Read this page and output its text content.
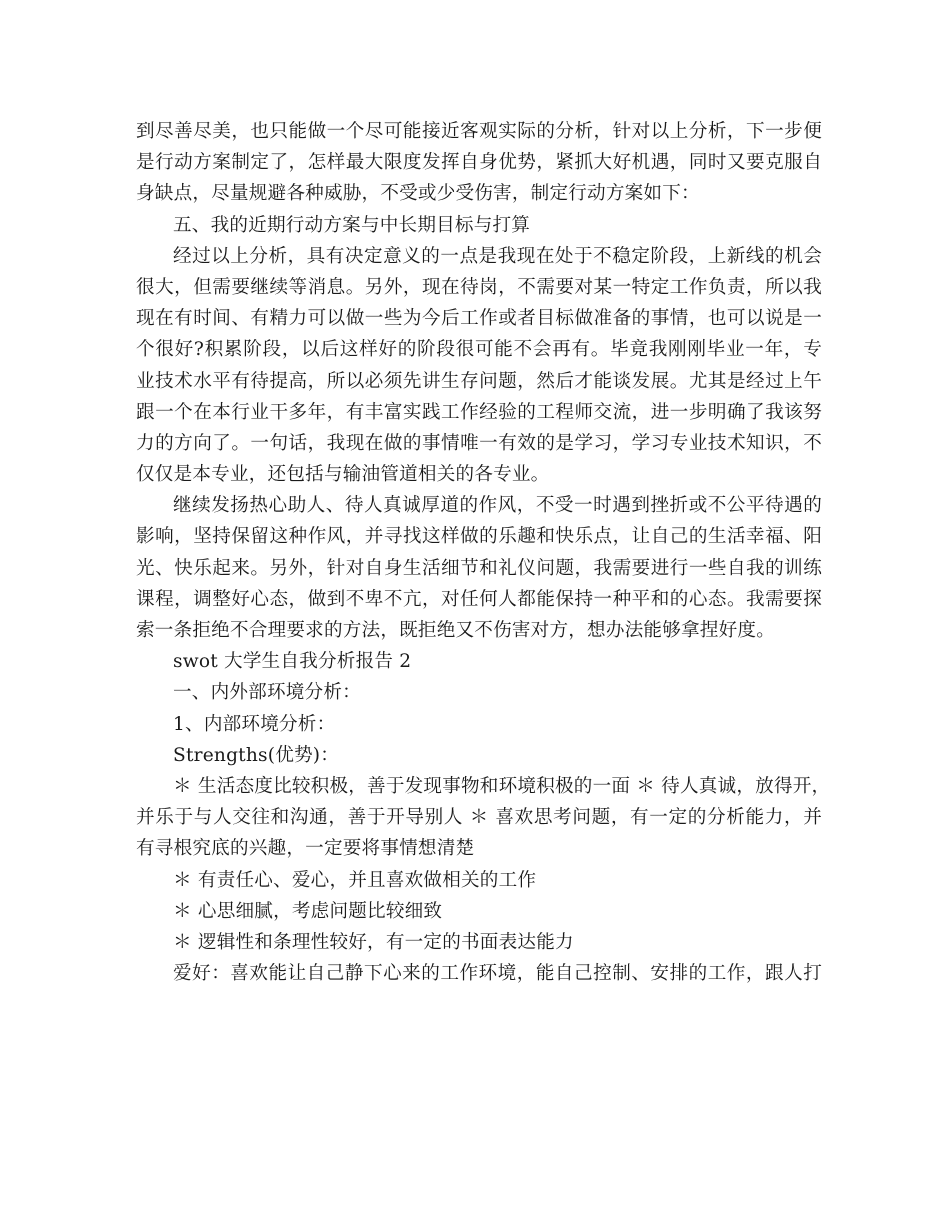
到尽善尽美，也只能做一个尽可能接近客观实际的分析，针对以上分析，下一步便
是行动方案制定了，怎样最大限度发挥自身优势，紧抓大好机遇，同时又要克服自
身缺点，尽量规避各种威胁，不受或少受伤害，制定行动方案如下：
五、我的近期行动方案与中长期目标与打算
经过以上分析，具有决定意义的一点是我现在处于不稳定阶段，上新线的机会
很大，但需要继续等消息。另外，现在待岗，不需要对某一特定工作负责，所以我
现在有时间、有精力可以做一些为今后工作或者目标做准备的事情，也可以说是一
个很好?积累阶段，以后这样好的阶段很可能不会再有。毕竟我刚刚毕业一年，专
业技术水平有待提高，所以必须先讲生存问题，然后才能谈发展。尤其是经过上午
跟一个在本行业干多年，有丰富实践工作经验的工程师交流，进一步明确了我该努
力的方向了。一句话，我现在做的事情唯一有效的是学习，学习专业技术知识，不
仅仅是本专业，还包括与输油管道相关的各专业。
继续发扬热心助人、待人真诚厚道的作风，不受一时遇到挫折或不公平待遇的
影响，坚持保留这种作风，并寻找这样做的乐趣和快乐点，让自己的生活幸福、阳
光、快乐起来。另外，针对自身生活细节和礼仪问题，我需要进行一些自我的训练
课程，调整好心态，做到不卑不亢，对任何人都能保持一种平和的心态。我需要探
索一条拒绝不合理要求的方法，既拒绝又不伤害对方，想办法能够拿捏好度。
swot 大学生自我分析报告 2
一、内外部环境分析：
1、内部环境分析：
Strengths(优势)：
＊ 生活态度比较积极，善于发现事物和环境积极的一面 ＊ 待人真诚，放得开，
并乐于与人交往和沟通，善于开导别人 ＊ 喜欢思考问题，有一定的分析能力，并
有寻根究底的兴趣，一定要将事情想清楚
＊ 有责任心、爱心，并且喜欢做相关的工作
＊ 心思细腻，考虑问题比较细致
＊ 逻辑性和条理性较好，有一定的书面表达能力
爱好：喜欢能让自己静下心来的工作环境，能自己控制、安排的工作，跟人打
